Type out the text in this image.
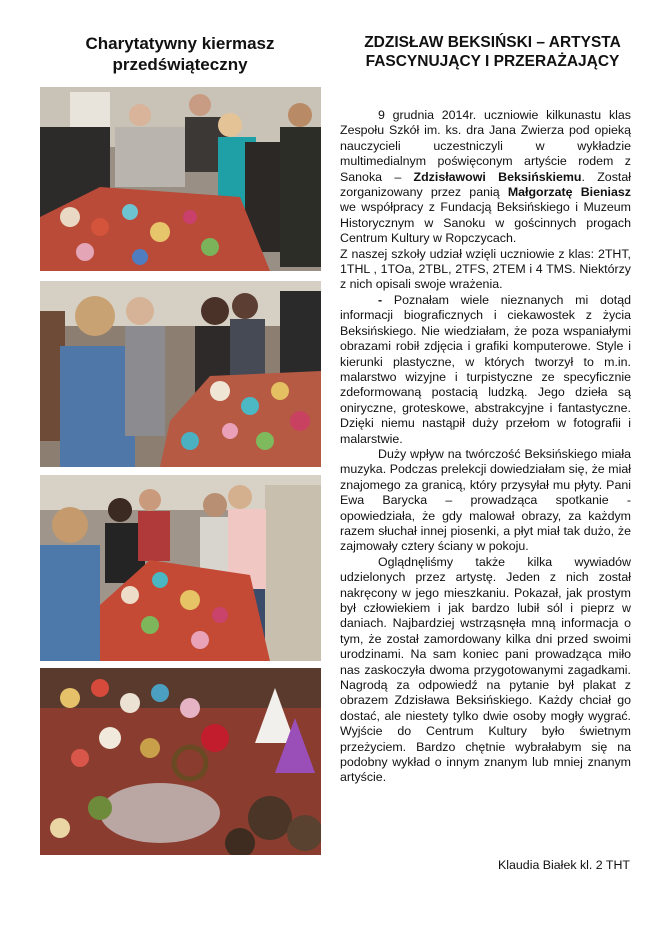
Charytatywny kiermasz przedświąteczny
ZDZISŁAW BEKSIŃSKI – ARTYSTA FASCYNUJĄCY I PRZERAŻAJĄCY

9 grudnia 2014r. uczniowie kilkunastu klas Zespołu Szkół im. ks. dra Jana Zwierza pod opieką nauczycieli uczestniczyli w wykładzie multimedialnym poświęconym artyście rodem z Sanoka – Zdzisławowi Beksińskiemu. Został zorganizowany przez panią Małgorzatę Bieniasz we współpracy z Fundacją Beksińskiego i Muzeum Historycznym w Sanoku w gościnnych progach Centrum Kultury w Ropczycach.

Z naszej szkoły udział wzięli uczniowie z klas: 2THT, 1THL , 1TOa, 2TBL, 2TFS, 2TEM i 4 TMS. Niektórzy z nich opisali swoje wrażenia.

- Poznałam wiele nieznanych mi dotąd informacji biograficznych i ciekawostek z życia Beksińskiego. Nie wiedziałam, że poza wspaniałymi obrazami robił zdjęcia i grafiki komputerowe. Style i kierunki plastyczne, w których tworzył to m.in. malarstwo wizyjne i turpistyczne ze specyficznie zdeformowaną postacią ludzką. Jego dzieła są oniryczne, groteskowe, abstrakcyjne i fantastyczne. Dzięki niemu nastąpił duży przełom w fotografii i malarstwie.

Duży wpływ na twórczość Beksińskiego miała muzyka. Podczas prelekcji dowiedziałam się, że miał znajomego za granicą, który przysyłał mu płyty. Pani Ewa Barycka – prowadząca spotkanie -opowiedziała, że gdy malował obrazy, za każdym razem słuchał innej piosenki, a płyt miał tak dużo, że zajmowały cztery ściany w pokoju.

Oglądnęliśmy także kilka wywiadów udzielonych przez artystę. Jeden z nich został nakręcony w jego mieszkaniu. Pokazał, jak prostym był człowiekiem i jak bardzo lubił sól i pieprz w daniach. Najbardziej wstrząsnęła mną informacja o tym, że został zamordowany kilka dni przed swoimi urodzinami. Na sam koniec pani prowadząca miło nas zaskoczyła dwoma przygotowanymi zagadkami. Nagrodą za odpowiedź na pytanie był plakat z obrazem Zdzisława Beksińskiego. Każdy chciał go dostać, ale niestety tylko dwie osoby mogły wygrać. Wyjście do Centrum Kultury było świetnym przeżyciem. Bardzo chętnie wybrałabym się na podobny wykład o innym znanym lub mniej znanym artyście.

Klaudia Białek kl. 2 THT
